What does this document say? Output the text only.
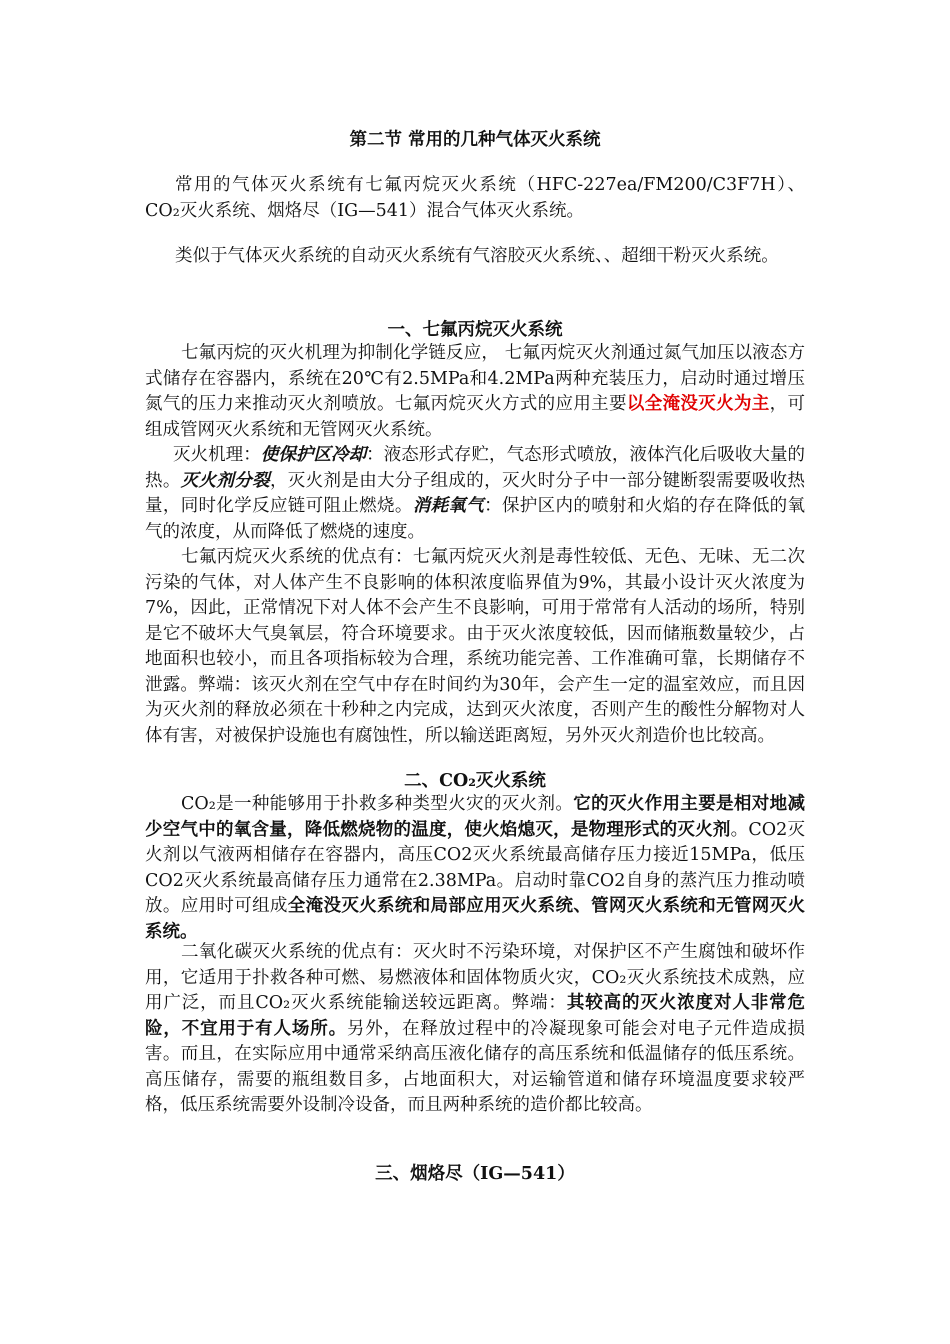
第二节 常用的几种气体灭火系统
常用的气体灭火系统有七氟丙烷灭火系统（HFC-227ea/FM200/C3F7H）、CO₂灭火系统、烟烙尽（IG—541）混合气体灭火系统。
类似于气体灭火系统的自动灭火系统有气溶胶灭火系统、、超细干粉灭火系统。
一、七氟丙烷灭火系统
七氟丙烷的灭火机理为抑制化学链反应， 七氟丙烷灭火剂通过氮气加压以液态方式储存在容器内，系统在20℃有2.5MPa和4.2MPa两种充装压力，启动时通过增压氮气的压力来推动灭火剂喷放。七氟丙烷灭火方式的应用主要以全淹没灭火为主，可组成管网灭火系统和无管网灭火系统。
灭火机理：使保护区冷却：液态形式存贮，气态形式喷放，液体汽化后吸收大量的热。灭火剂分裂，灭火剂是由大分子组成的，灭火时分子中一部分键断裂需要吸收热量，同时化学反应链可阻止燃烧。消耗氧气：保护区内的喷射和火焰的存在降低的氧气的浓度，从而降低了燃烧的速度。
七氟丙烷灭火系统的优点有：七氟丙烷灭火剂是毒性较低、无色、无味、无二次污染的气体，对人体产生不良影响的体积浓度临界值为9%，其最小设计灭火浓度为7%，因此，正常情况下对人体不会产生不良影响，可用于常常有人活动的场所，特别是它不破坏大气臭氧层，符合环境要求。由于灭火浓度较低，因而储瓶数量较少，占地面积也较小，而且各项指标较为合理，系统功能完善、工作准确可靠，长期储存不泄露。弊端：该灭火剂在空气中存在时间约为30年，会产生一定的温室效应，而且因为灭火剂的释放必须在十秒种之内完成，达到灭火浓度，否则产生的酸性分解物对人体有害，对被保护设施也有腐蚀性，所以输送距离短，另外灭火剂造价也比较高。
二、CO₂灭火系统
CO₂是一种能够用于扑救多种类型火灾的灭火剂。它的灭火作用主要是相对地减少空气中的氧含量，降低燃烧物的温度，使火焰熄灭，是物理形式的灭火剂。CO2灭火剂以气液两相储存在容器内，高压CO2灭火系统最高储存压力接近15MPa，低压CO2灭火系统最高储存压力通常在2.38MPa。启动时靠CO2自身的蒸汽压力推动喷放。应用时可组成全淹没灭火系统和局部应用灭火系统、管网灭火系统和无管网灭火系统。
二氧化碳灭火系统的优点有：灭火时不污染环境，对保护区不产生腐蚀和破坏作用，它适用于扑救各种可燃、易燃液体和固体物质火灾，CO₂灭火系统技术成熟，应用广泛，而且CO₂灭火系统能输送较远距离。弊端：其较高的灭火浓度对人非常危险，不宜用于有人场所。另外，在释放过程中的冷凝现象可能会对电子元件造成损害。而且，在实际应用中通常采纳高压液化储存的高压系统和低温储存的低压系统。高压储存，需要的瓶组数目多，占地面积大，对运输管道和储存环境温度要求较严格，低压系统需要外设制冷设备，而且两种系统的造价都比较高。
三、烟烙尽（IG—541）
